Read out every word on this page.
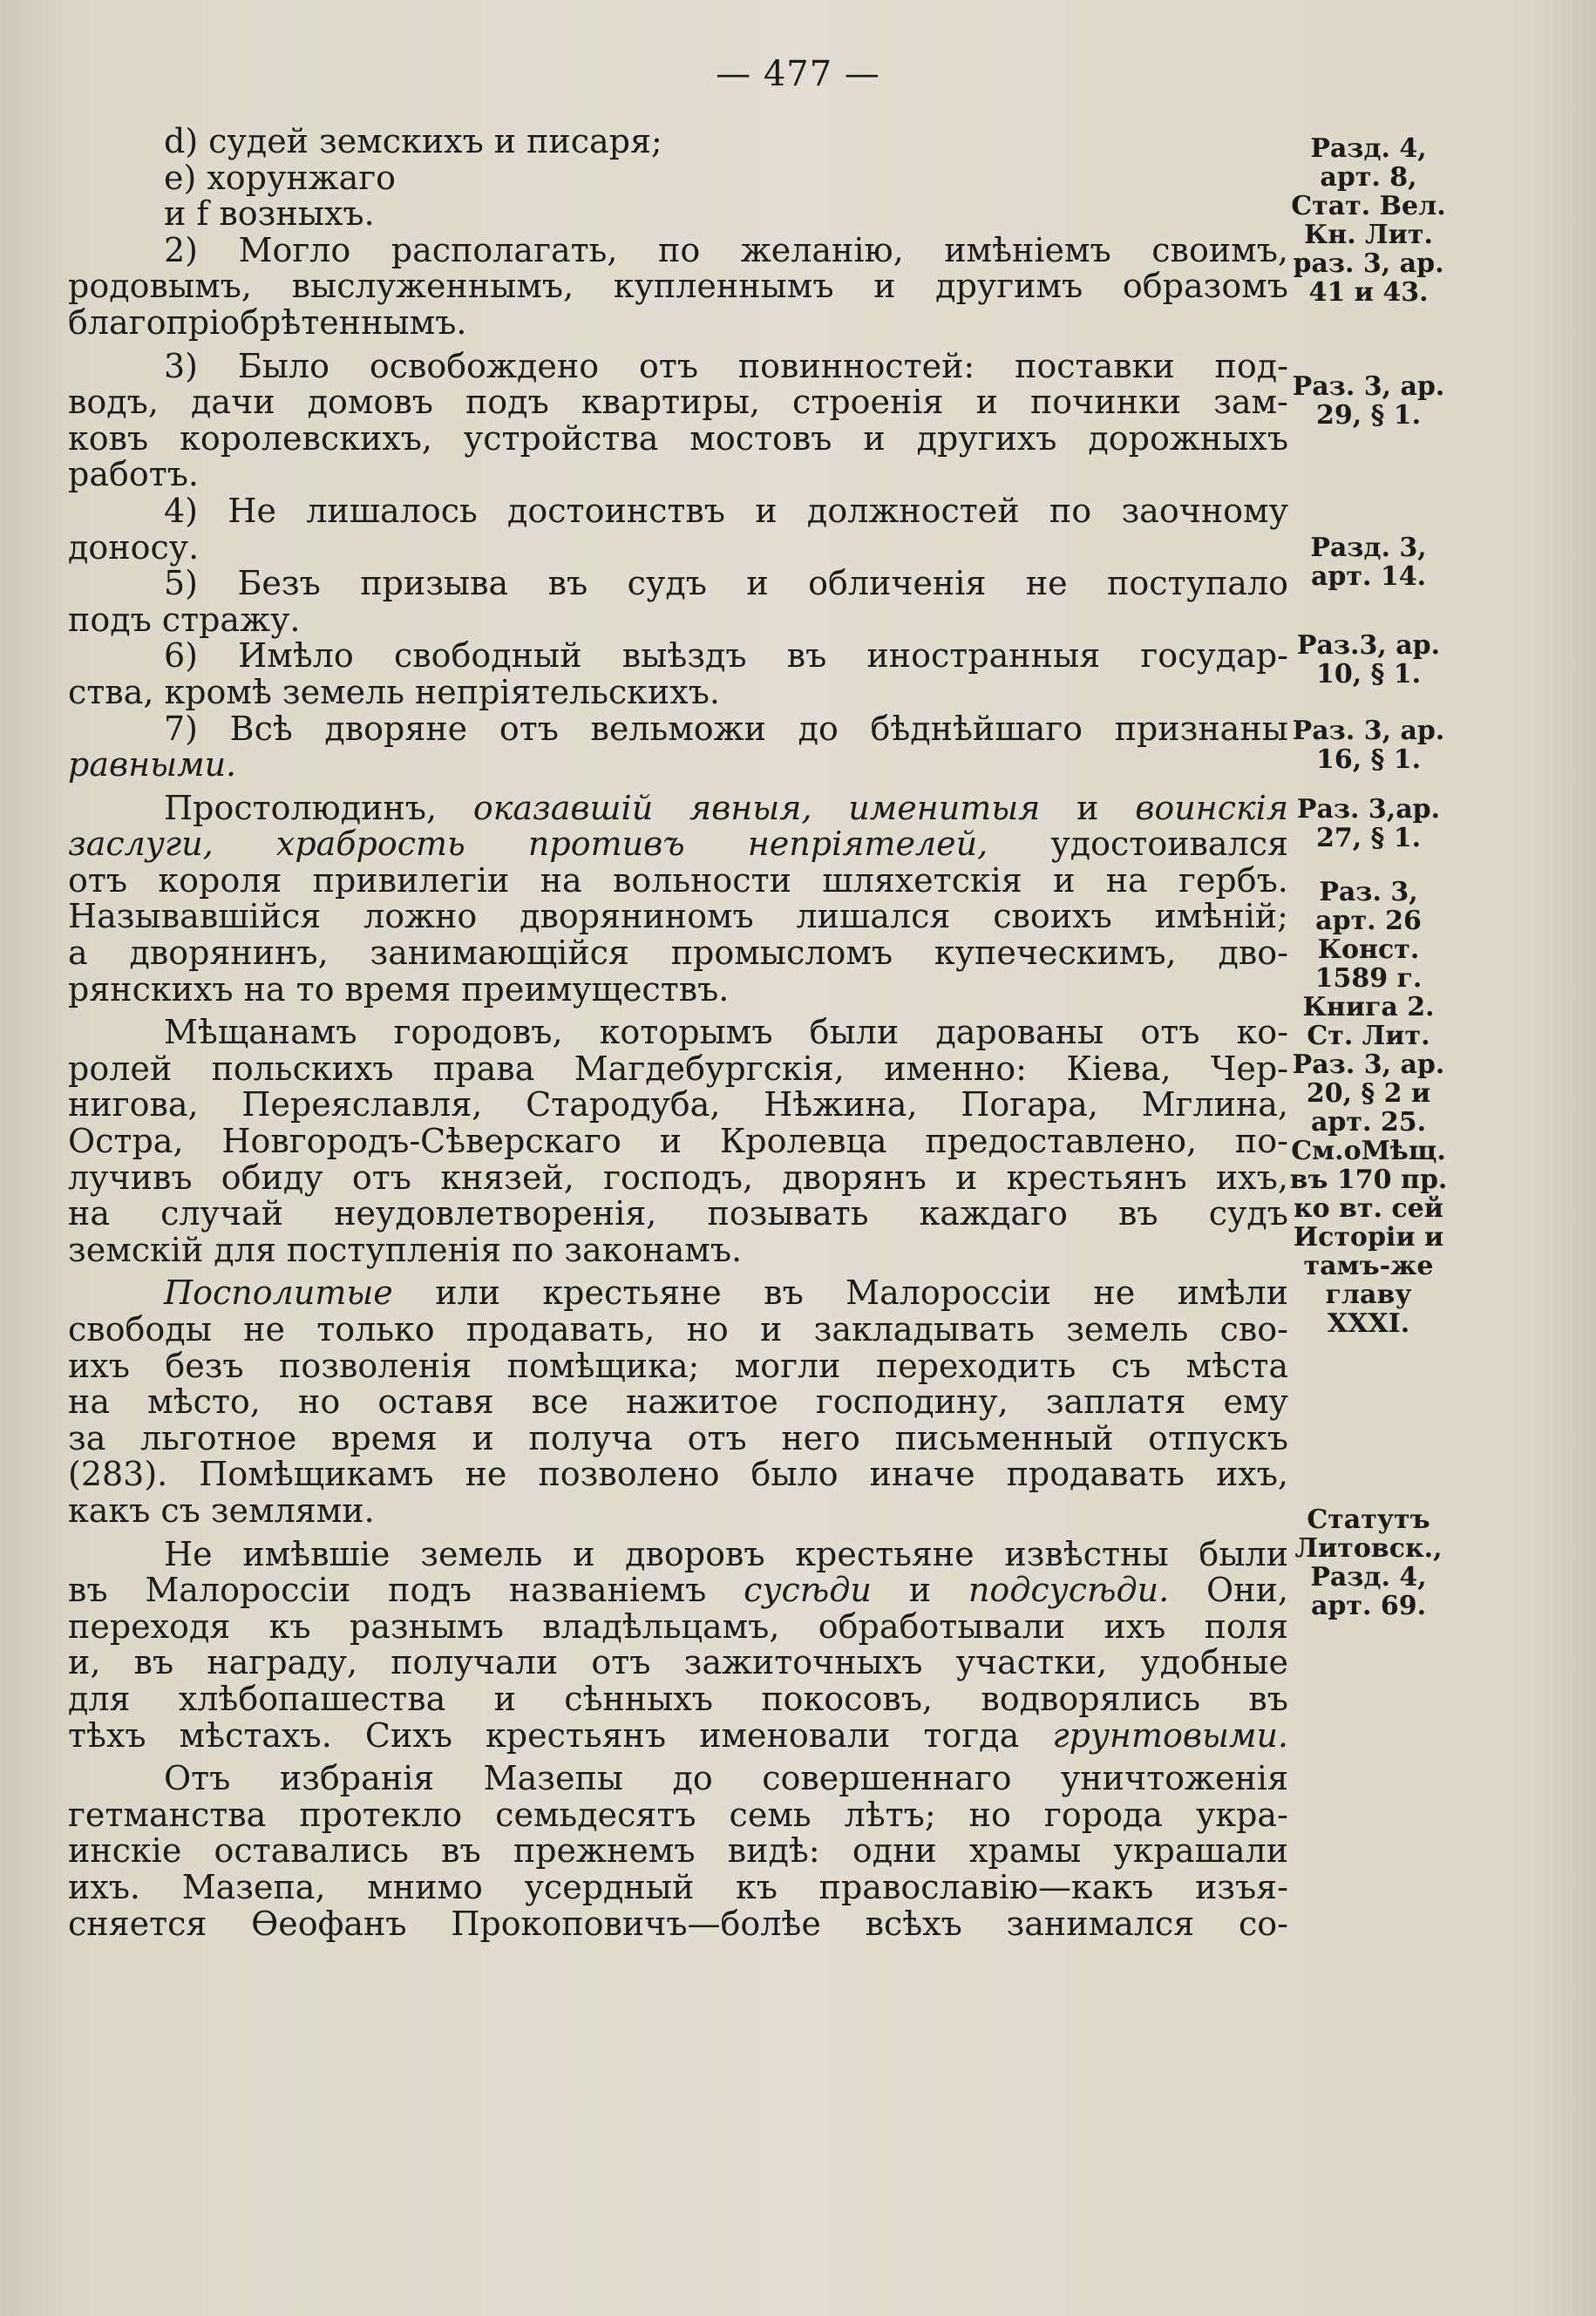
— 477 —
d) судей земскихъ и писаря;
е) хорунжаго
и f возныхъ.
2) Могло располагать, по желанію, имѣніемъ своимъ,
родовымъ, выслуженнымъ, купленнымъ и другимъ образомъ
благопріобрѣтеннымъ.
3) Было освобождено отъ повинностей: поставки под-
водъ, дачи домовъ подъ квартиры, строенія и починки зам-
ковъ королевскихъ, устройства мостовъ и другихъ дорожныхъ
работъ.
4) Не лишалось достоинствъ и должностей по заочному
доносу.
5) Безъ призыва въ судъ и обличенія не поступало
подъ стражу.
6) Имѣло свободный выѣздъ въ иностранныя государ-
ства, кромѣ земель непріятельскихъ.
7) Всѣ дворяне отъ вельможи до бѣднѣйшаго признаны
равными.
Простолюдинъ, оказавшій явныя, именитыя и воинскія
заслуги, храбрость противъ непріятелей, удостоивался
отъ короля привилегіи на вольности шляхетскія и на гербъ.
Называвшійся ложно дворяниномъ лишался своихъ имѣній;
а дворянинъ, занимающійся промысломъ купеческимъ, дво-
рянскихъ на то время преимуществъ.
Мѣщанамъ городовъ, которымъ были дарованы отъ ко-
ролей польскихъ права Магдебургскія, именно: Кіева, Чер-
нигова, Переяславля, Стародуба, Нѣжина, Погара, Мглина,
Остра, Новгородъ-Сѣверскаго и Кролевца предоставлено, по-
лучивъ обиду отъ князей, господъ, дворянъ и крестьянъ ихъ,
на случай неудовлетворенія, позывать каждаго въ судъ
земскій для поступленія по законамъ.
Посполитые или крестьяне въ Малороссіи не имѣли
свободы не только продавать, но и закладывать земель сво-
ихъ безъ позволенія помѣщика; могли переходить съ мѣста
на мѣсто, но оставя все нажитое господину, заплатя ему
за льготное время и получа отъ него письменный отпускъ
(283). Помѣщикамъ не позволено было иначе продавать ихъ,
какъ съ землями.
Не имѣвшіе земель и дворовъ крестьяне извѣстны были
въ Малороссіи подъ названіемъ сусѣди и подсусѣди. Они,
переходя къ разнымъ владѣльцамъ, обработывали ихъ поля
и, въ награду, получали отъ зажиточныхъ участки, удобные
для хлѣбопашества и сѣнныхъ покосовъ, водворялись въ
тѣхъ мѣстахъ. Сихъ крестьянъ именовали тогда грунтовыми.
Отъ избранія Мазепы до совершеннаго уничтоженія
гетманства протекло семьдесятъ семь лѣтъ; но города укра-
инскіе оставались въ прежнемъ видѣ: одни храмы украшали
ихъ. Мазепа, мнимо усердный къ православію—какъ изъя-
сняется Ѳеофанъ Прокоповичъ—болѣе всѣхъ занимался со-
Разд. 4,
арт. 8,
Стат. Вел.
Кн. Лит.
раз. 3, ар.
41 и 43.
Раз. 3, ар.
29, § 1.
Разд. 3,
арт. 14.
Раз.3, ар.
10, § 1.
Раз. 3, ар.
16, § 1.
Раз. 3,ар.
27, § 1.
Раз. 3,
арт. 26
Конст.
1589 г.
Книга 2.
Ст. Лит.
Раз. 3, ар.
20, § 2 и
арт. 25.
См.оМѣщ.
въ 170 пр.
ко вт. сей
Исторіи и
тамъ-же
главу
XXXI.
Статутъ
Литовск.,
Разд. 4,
арт. 69.
